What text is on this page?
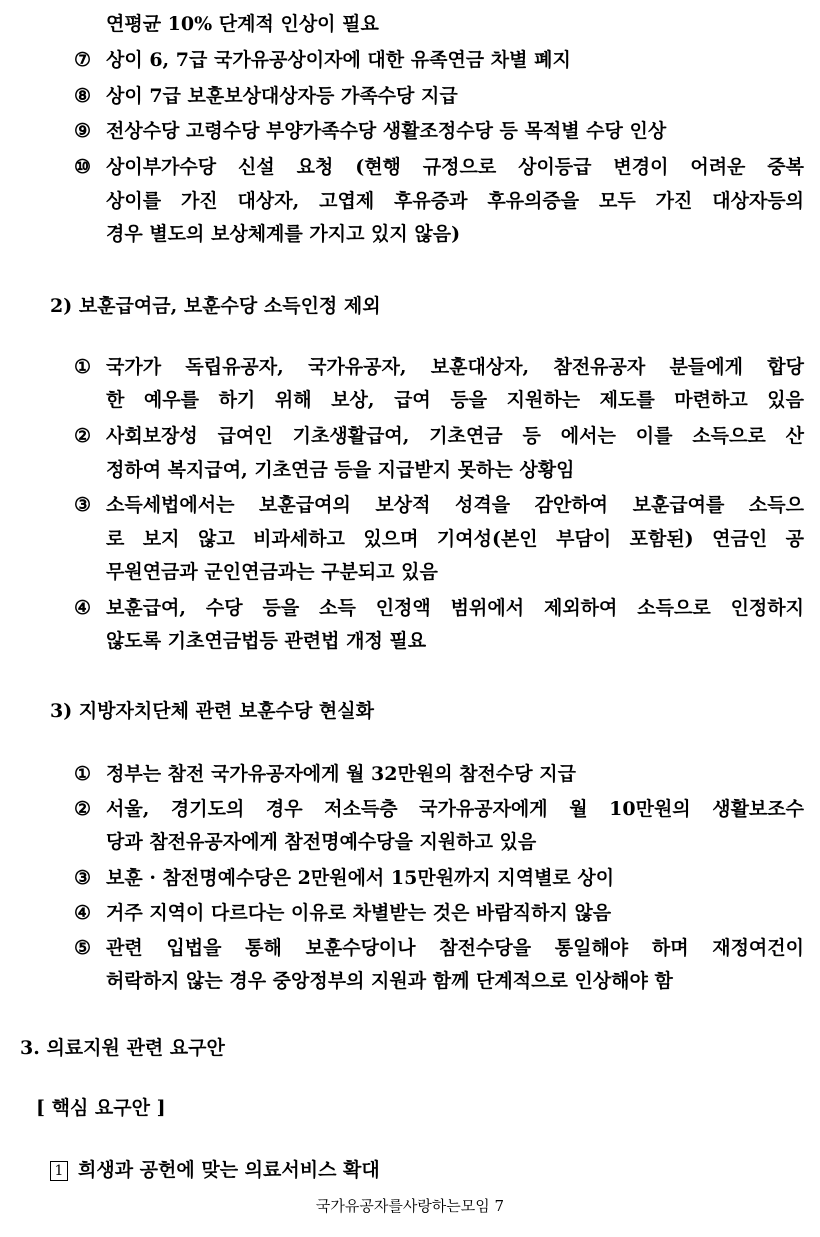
연평균 10% 단계적 인상이 필요
⑦ 상이 6, 7급 국가유공상이자에 대한 유족연금 차별 폐지
⑧ 상이 7급 보훈보상대상자등 가족수당 지급
⑨ 전상수당 고령수당 부양가족수당 생활조정수당 등 목적별 수당 인상
⑩ 상이부가수당 신설 요청 (현행 규정으로 상이등급 변경이 어려운 중복
상이를 가진 대상자, 고엽제 후유증과 후유의증을 모두 가진 대상자등의
경우 별도의 보상체계를 가지고 있지 않음)
2) 보훈급여금, 보훈수당 소득인정 제외
① 국가가 독립유공자, 국가유공자, 보훈대상자, 참전유공자 분들에게 합당
한 예우를 하기 위해 보상, 급여 등을 지원하는 제도를 마련하고 있음
② 사회보장성 급여인 기초생활급여, 기초연금 등 에서는 이를 소득으로 산
정하여 복지급여, 기초연금 등을 지급받지 못하는 상황임
③ 소득세법에서는 보훈급여의 보상적 성격을 감안하여 보훈급여를 소득으
로 보지 않고 비과세하고 있으며 기여성(본인 부담이 포함된) 연금인 공
무원연금과 군인연금과는 구분되고 있음
④ 보훈급여, 수당 등을 소득 인정액 범위에서 제외하여 소득으로 인정하지
않도록 기초연금법등 관련법 개정 필요
3) 지방자치단체 관련 보훈수당 현실화
① 정부는 참전 국가유공자에게 월 32만원의 참전수당 지급
② 서울, 경기도의 경우 저소득층 국가유공자에게 월 10만원의 생활보조수
당과 참전유공자에게 참전명예수당을 지원하고 있음
③ 보훈 · 참전명예수당은 2만원에서 15만원까지 지역별로 상이
④ 거주 지역이 다르다는 이유로 차별받는 것은 바람직하지 않음
⑤ 관련 입법을 통해 보훈수당이나 참전수당을 통일해야 하며 재정여건이
허락하지 않는 경우 중앙정부의 지원과 함께 단계적으로 인상해야 함
3. 의료지원 관련 요구안
[ 핵심 요구안 ]
1 희생과 공헌에 맞는 의료서비스 확대
국가유공자를사랑하는모임 7
